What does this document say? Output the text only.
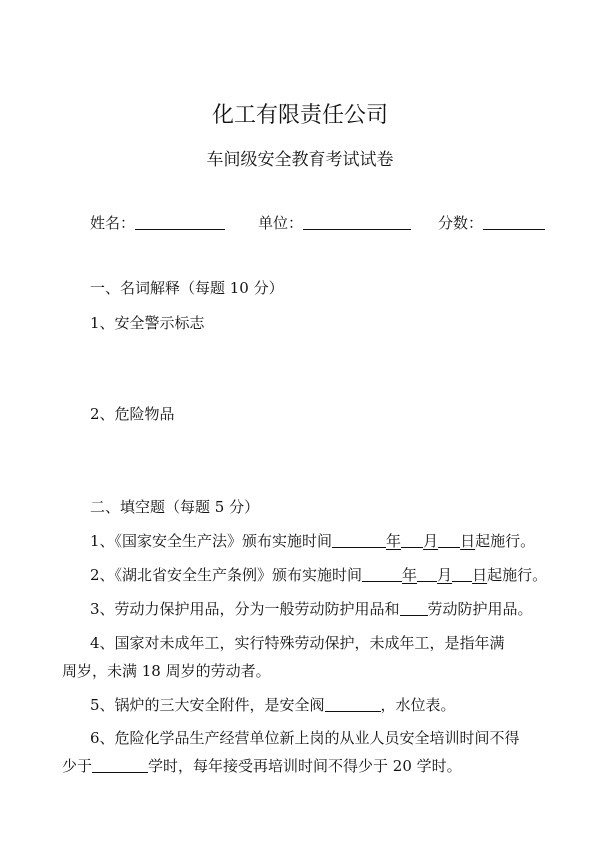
化工有限责任公司
车间级安全教育考试试卷
姓名：	单位：	分数：
一、名词解释（每题 10 分）
1、安全警示标志
2、危险物品
二、填空题（每题 5 分）
1、《国家安全生产法》颁布实施时间	年 月 日起施行。
2、《湖北省安全生产条例》颁布实施时间	年 月 日起施行。
3、劳动力保护用品，分为一般劳动防护用品和 劳动防护用品。
4、国家对未成年工，实行特殊劳动保护，未成年工，是指年满
周岁，未满 18 周岁的劳动者。
5、锅炉的三大安全附件，是安全阀	，水位表。
6、危险化学品生产经营单位新上岗的从业人员安全培训时间不得
少于	学时，每年接受再培训时间不得少于 20 学时。
